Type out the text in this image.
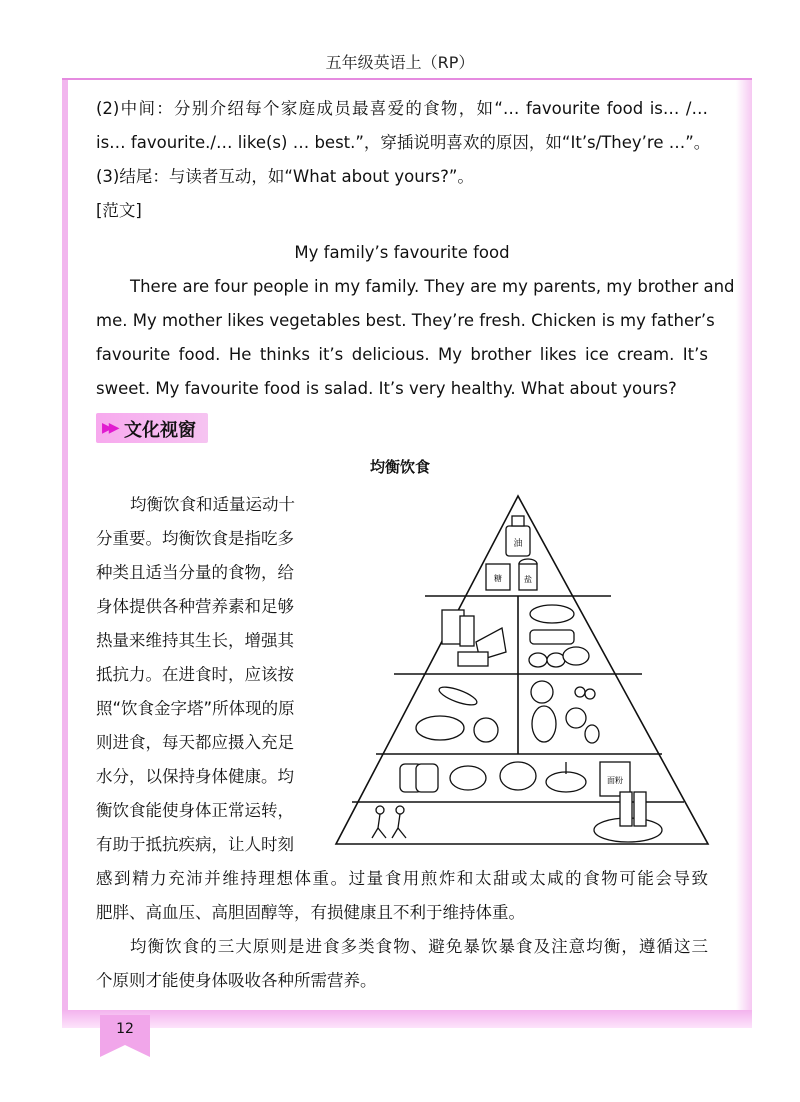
五年级英语上（RP）
(2)中间：分别介绍每个家庭成员最喜爱的食物，如“… favourite food is… /…
is… favourite./… like(s) … best.”，穿插说明喜欢的原因，如“It’s/They’re …”。
(3)结尾：与读者互动，如“What about yours?”。
[范文]
My family’s favourite food
There are four people in my family. They are my parents, my brother and
me. My mother likes vegetables best. They’re fresh. Chicken is my father’s
favourite food. He thinks it’s delicious. My brother likes ice cream. It’s
sweet. My favourite food is salad. It’s very healthy. What about yours?
▶▶ 文化视窗
均衡饮食
均衡饮食和适量运动十
分重要。均衡饮食是指吃多
种类且适当分量的食物，给
身体提供各种营养素和足够
热量来维持其生长，增强其
抵抗力。在进食时，应该按
照“饮食金字塔”所体现的原
则进食，每天都应摄入充足
水分，以保持身体健康。均
衡饮食能使身体正常运转，
有助于抵抗疾病，让人时刻
感到精力充沛并维持理想体重。过量食用煎炸和太甜或太咸的食物可能会导致
肥胖、高血压、高胆固醇等，有损健康且不利于维持体重。
均衡饮食的三大原则是进食多类食物、避免暴饮暴食及注意均衡，遵循这三
个原则才能使身体吸收各种所需营养。
油
糖	盐
面粉
12
